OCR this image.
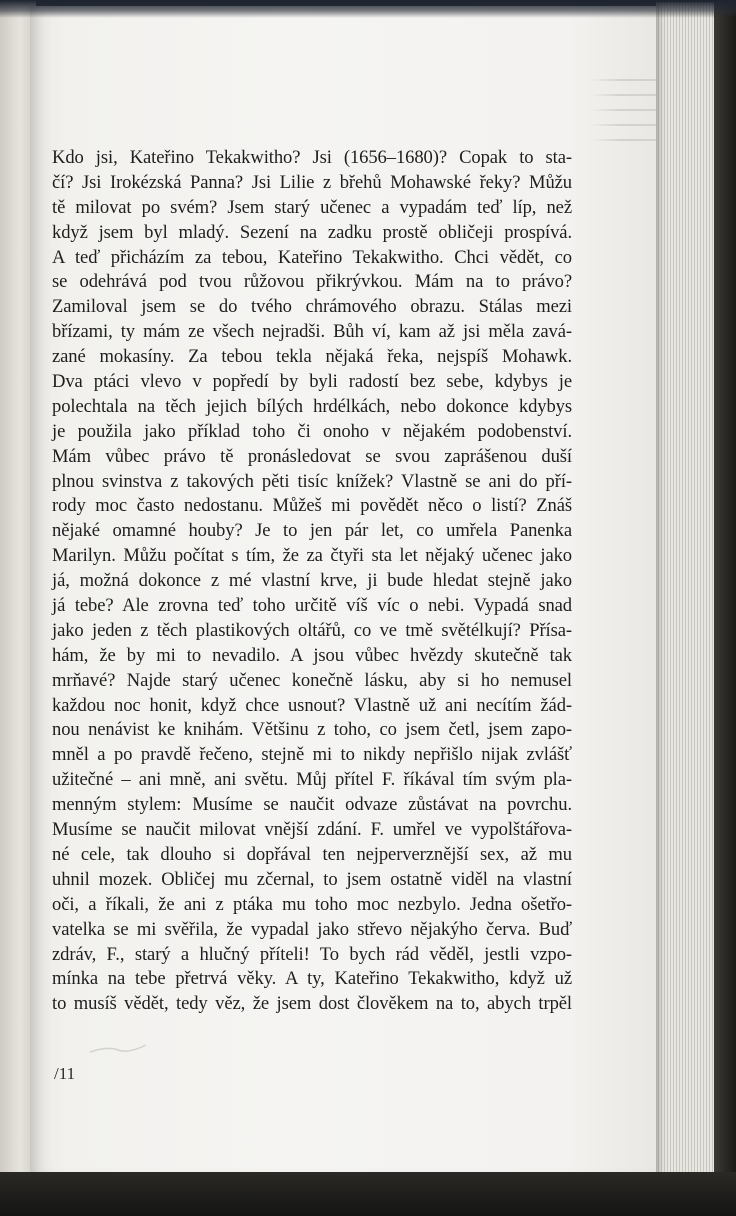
Kdo jsi, Kateřino Tekakwitho? Jsi (1656–1680)? Copak to sta-
čí? Jsi Irokézská Panna? Jsi Lilie z břehů Mohawské řeky? Můžu
tě milovat po svém? Jsem starý učenec a vypadám teď líp, než
když jsem byl mladý. Sezení na zadku prostě obličeji prospívá.
A teď přicházím za tebou, Kateřino Tekakwitho. Chci vědět, co
se odehrává pod tvou růžovou přikrývkou. Mám na to právo?
Zamiloval jsem se do tvého chrámového obrazu. Stálas mezi
břízami, ty mám ze všech nejradši. Bůh ví, kam až jsi měla zavá-
zané mokasíny. Za tebou tekla nějaká řeka, nejspíš Mohawk.
Dva ptáci vlevo v popředí by byli radostí bez sebe, kdybys je
polechtala na těch jejich bílých hrdélkách, nebo dokonce kdybys
je použila jako příklad toho či onoho v nějakém podobenství.
Mám vůbec právo tě pronásledovat se svou zaprášenou duší
plnou svinstva z takových pěti tisíc knížek? Vlastně se ani do pří-
rody moc často nedostanu. Můžeš mi povědět něco o listí? Znáš
nějaké omamné houby? Je to jen pár let, co umřela Panenka
Marilyn. Můžu počítat s tím, že za čtyři sta let nějaký učenec jako
já, možná dokonce z mé vlastní krve, ji bude hledat stejně jako
já tebe? Ale zrovna teď toho určitě víš víc o nebi. Vypadá snad
jako jeden z těch plastikových oltářů, co ve tmě světélkují? Přísa-
hám, že by mi to nevadilo. A jsou vůbec hvězdy skutečně tak
mrňavé? Najde starý učenec konečně lásku, aby si ho nemusel
každou noc honit, když chce usnout? Vlastně už ani necítím žád-
nou nenávist ke knihám. Většinu z toho, co jsem četl, jsem zapo-
mněl a po pravdě řečeno, stejně mi to nikdy nepřišlo nijak zvlášť
užitečné – ani mně, ani světu. Můj přítel F. říkával tím svým pla-
menným stylem: Musíme se naučit odvaze zůstávat na povrchu.
Musíme se naučit milovat vnější zdání. F. umřel ve vypolštářova-
né cele, tak dlouho si dopřával ten nejperverznější sex, až mu
uhnil mozek. Obličej mu zčernal, to jsem ostatně viděl na vlastní
oči, a říkali, že ani z ptáka mu toho moc nezbylo. Jedna ošetřo-
vatelka se mi svěřila, že vypadal jako střevo nějakýho červa. Buď
zdráv, F., starý a hlučný příteli! To bych rád věděl, jestli vzpo-
mínka na tebe přetrvá věky. A ty, Kateřino Tekakwitho, když už
to musíš vědět, tedy věz, že jsem dost člověkem na to, abych trpěl
/11
